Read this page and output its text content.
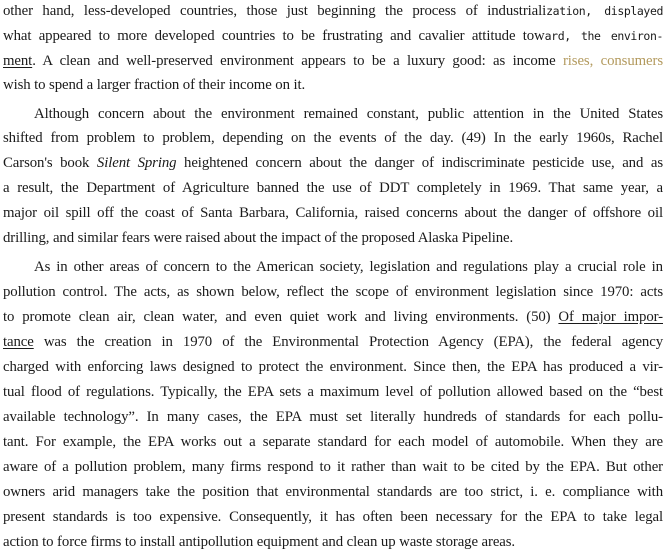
other hand, less-developed countries, those just beginning the process of industrialization, displayed
what appeared to more developed countries to be frustrating and cavalier attitude toward, the environ-
ment. A clean and well-preserved environment appears to be a luxury good: as income rises, consumers
wish to spend a larger fraction of their income on it.
Although concern about the environment remained constant, public attention in the United States
shifted from problem to problem, depending on the events of the day. (49) In the early 1960s, Rachel
Carson's book Silent Spring heightened concern about the danger of indiscriminate pesticide use, and as
a result, the Department of Agriculture banned the use of DDT completely in 1969. That same year, a
major oil spill off the coast of Santa Barbara, California, raised concerns about the danger of offshore oil
drilling, and similar fears were raised about the impact of the proposed Alaska Pipeline.
As in other areas of concern to the American society, legislation and regulations play a crucial role in
pollution control. The acts, as shown below, reflect the scope of environment legislation since 1970: acts
to promote clean air, clean water, and even quiet work and living environments. (50) Of major impor-
tance was the creation in 1970 of the Environmental Protection Agency (EPA), the federal agency
charged with enforcing laws designed to protect the environment. Since then, the EPA has produced a vir-
tual flood of regulations. Typically, the EPA sets a maximum level of pollution allowed based on the “best
available technology”. In many cases, the EPA must set literally hundreds of standards for each pollu-
tant. For example, the EPA works out a separate standard for each model of automobile. When they are
aware of a pollution problem, many firms respond to it rather than wait to be cited by the EPA. But other
owners arid managers take the position that environmental standards are too strict, i. e. compliance with
present standards is too expensive. Consequently, it has often been necessary for the EPA to take legal
action to force firms to install antipollution equipment and clean up waste storage areas.
